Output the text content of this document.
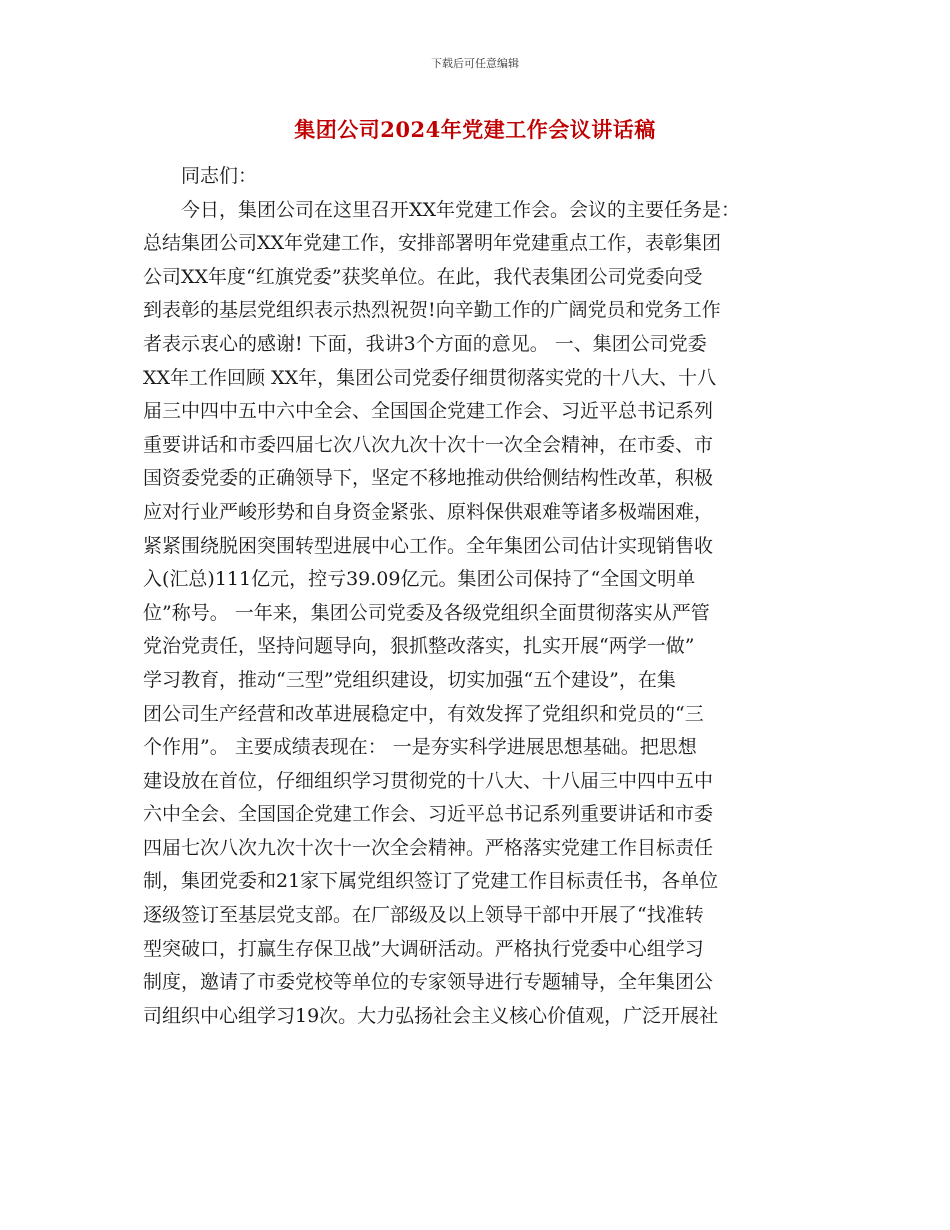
下载后可任意编辑
集团公司2024年党建工作会议讲话稿
　　同志们：
　　今日，集团公司在这里召开XX年党建工作会。会议的主要任务是：
总结集团公司XX年党建工作，安排部署明年党建重点工作，表彰集团
公司XX年度“红旗党委”获奖单位。在此，我代表集团公司党委向受
到表彰的基层党组织表示热烈祝贺!向辛勤工作的广阔党员和党务工作
者表示衷心的感谢! 下面，我讲3个方面的意见。 一、集团公司党委
XX年工作回顾 XX年，集团公司党委仔细贯彻落实党的十八大、十八
届三中四中五中六中全会、全国国企党建工作会、习近平总书记系列
重要讲话和市委四届七次八次九次十次十一次全会精神，在市委、市
国资委党委的正确领导下，坚定不移地推动供给侧结构性改革，积极
应对行业严峻形势和自身资金紧张、原料保供艰难等诸多极端困难，
紧紧围绕脱困突围转型进展中心工作。全年集团公司估计实现销售收
入(汇总)111亿元，控亏39.09亿元。集团公司保持了“全国文明单
位”称号。 一年来，集团公司党委及各级党组织全面贯彻落实从严管
党治党责任，坚持问题导向，狠抓整改落实，扎实开展“两学一做”
学习教育，推动“三型”党组织建设，切实加强“五个建设”，在集
团公司生产经营和改革进展稳定中，有效发挥了党组织和党员的“三
个作用”。 主要成绩表现在： 一是夯实科学进展思想基础。把思想
建设放在首位，仔细组织学习贯彻党的十八大、十八届三中四中五中
六中全会、全国国企党建工作会、习近平总书记系列重要讲话和市委
四届七次八次九次十次十一次全会精神。严格落实党建工作目标责任
制，集团党委和21家下属党组织签订了党建工作目标责任书，各单位
逐级签订至基层党支部。在厂部级及以上领导干部中开展了“找准转
型突破口，打赢生存保卫战”大调研活动。严格执行党委中心组学习
制度，邀请了市委党校等单位的专家领导进行专题辅导，全年集团公
司组织中心组学习19次。大力弘扬社会主义核心价值观，广泛开展社
